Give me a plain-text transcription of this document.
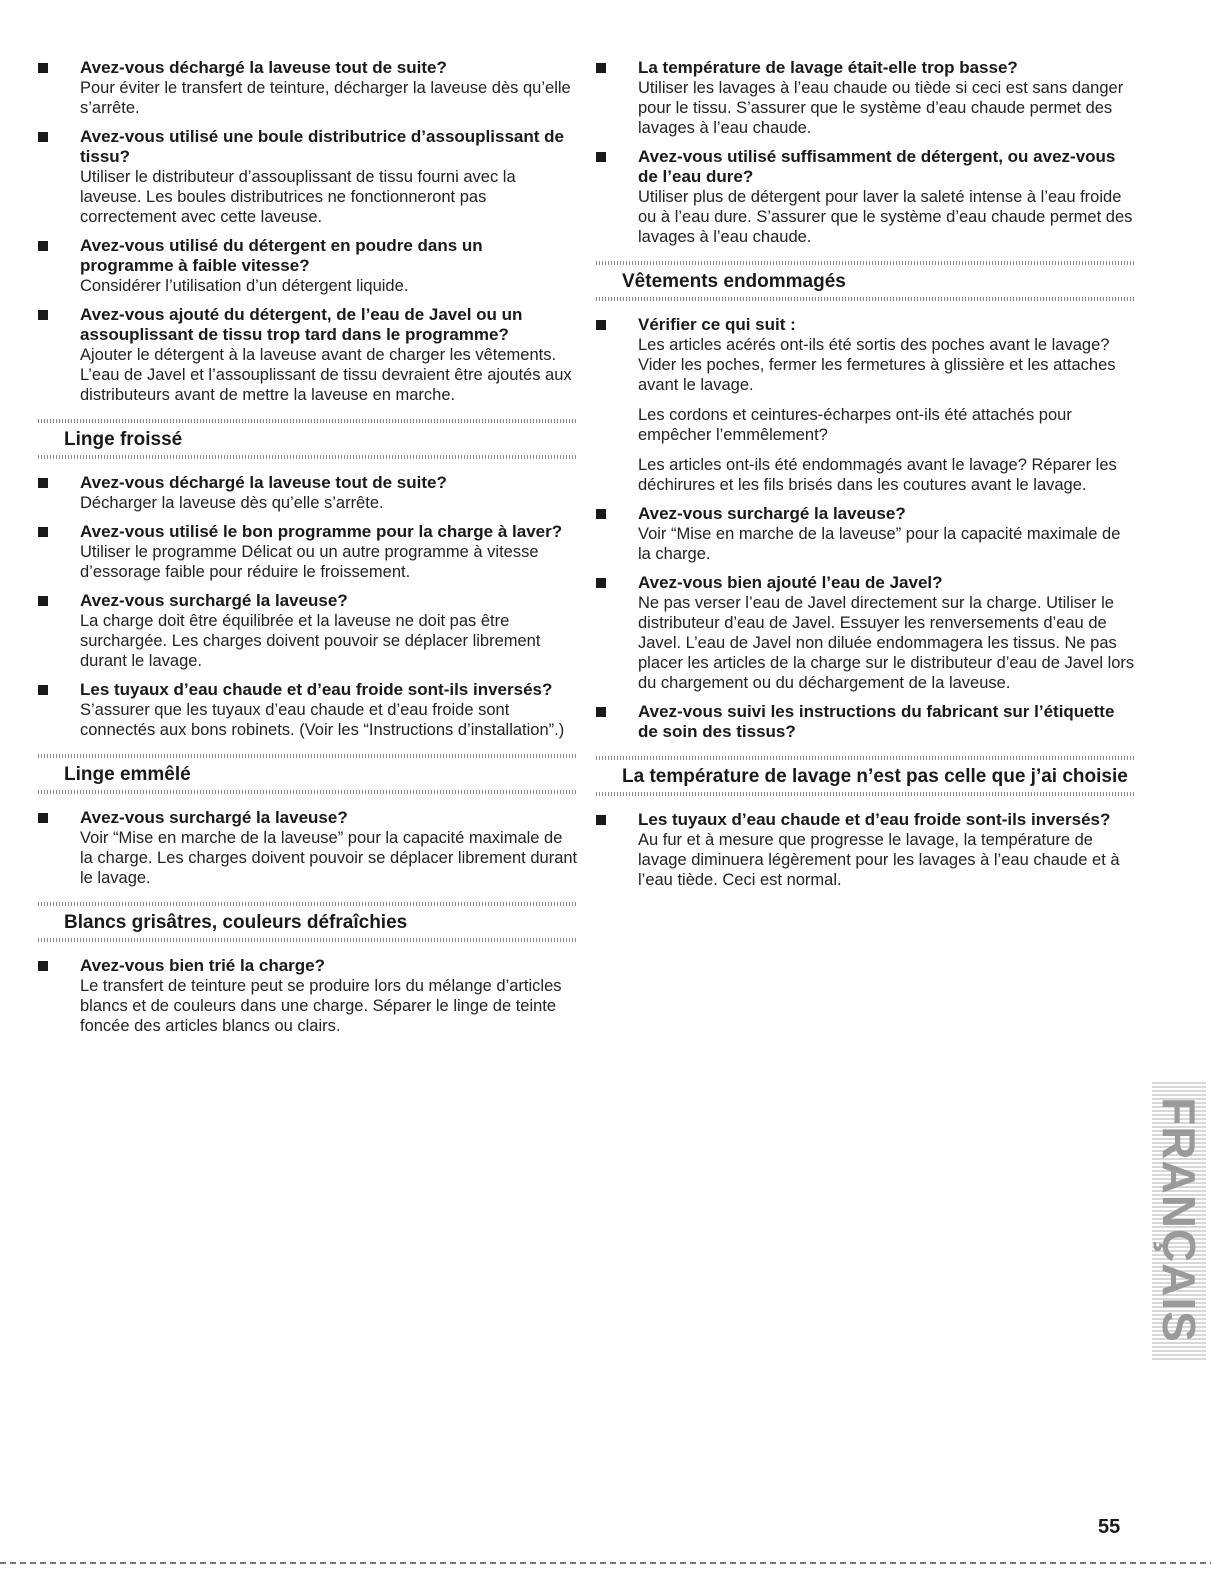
Avez-vous déchargé la laveuse tout de suite?

Pour éviter le transfert de teinture, décharger la laveuse dès qu’elle s’arrête.

Avez-vous utilisé une boule distributrice d’assouplissant de tissu?

Utiliser le distributeur d’assouplissant de tissu fourni avec la laveuse. Les boules distributrices ne fonctionneront pas correctement avec cette laveuse.

Avez-vous utilisé du détergent en poudre dans un programme à faible vitesse?

Considérer l’utilisation d’un détergent liquide.

Avez-vous ajouté du détergent, de l’eau de Javel ou un assouplissant de tissu trop tard dans le programme?

Ajouter le détergent à la laveuse avant de charger les vêtements. L’eau de Javel et l’assouplissant de tissu devraient être ajoutés aux distributeurs avant de mettre la laveuse en marche.

Linge froissé
Avez-vous déchargé la laveuse tout de suite?

Décharger la laveuse dès qu’elle s’arrête.

Avez-vous utilisé le bon programme pour la charge à laver?

Utiliser le programme Délicat ou un autre programme à vitesse d’essorage faible pour réduire le froissement.

Avez-vous surchargé la laveuse?

La charge doit être équilibrée et la laveuse ne doit pas être surchargée. Les charges doivent pouvoir se déplacer librement durant le lavage.

Les tuyaux d’eau chaude et d’eau froide sont-ils inversés?

S’assurer que les tuyaux d’eau chaude et d’eau froide sont connectés aux bons robinets. (Voir les “Instructions d’installation”.)

Linge emmêlé
Avez-vous surchargé la laveuse?

Voir “Mise en marche de la laveuse” pour la capacité maximale de la charge. Les charges doivent pouvoir se déplacer librement durant le lavage.

Blancs grisâtres, couleurs défraîchies
Avez-vous bien trié la charge?

Le transfert de teinture peut se produire lors du mélange d’articles blancs et de couleurs dans une charge. Séparer le linge de teinte foncée des articles blancs ou clairs.

La température de lavage était-elle trop basse?

Utiliser les lavages à l’eau chaude ou tiède si ceci est sans danger pour le tissu. S’assurer que le système d’eau chaude permet des lavages à l’eau chaude.

Avez-vous utilisé suffisamment de détergent, ou avez-vous de l’eau dure?

Utiliser plus de détergent pour laver la saleté intense à l’eau froide ou à l’eau dure. S’assurer que le système d’eau chaude permet des lavages à l’eau chaude.

Vêtements endommagés
Vérifier ce qui suit :

Les articles acérés ont-ils été sortis des poches avant le lavage? Vider les poches, fermer les fermetures à glissière et les attaches avant le lavage.

Les cordons et ceintures-écharpes ont-ils été attachés pour empêcher l’emmêlement?

Les articles ont-ils été endommagés avant le lavage? Réparer les déchirures et les fils brisés dans les coutures avant le lavage.

Avez-vous surchargé la laveuse?

Voir “Mise en marche de la laveuse” pour la capacité maximale de la charge.

Avez-vous bien ajouté l’eau de Javel?

Ne pas verser l’eau de Javel directement sur la charge. Utiliser le distributeur d’eau de Javel. Essuyer les renversements d’eau de Javel. L’eau de Javel non diluée endommagera les tissus. Ne pas placer les articles de la charge sur le distributeur d’eau de Javel lors du chargement ou du déchargement de la laveuse.

Avez-vous suivi les instructions du fabricant sur l’étiquette de soin des tissus?
La température de lavage n’est pas celle que j’ai choisie
Les tuyaux d’eau chaude et d’eau froide sont-ils inversés?

Au fur et à mesure que progresse le lavage, la température de lavage diminuera légèrement pour les lavages à l’eau chaude et à l’eau tiède. Ceci est normal.

FRANÇAIS
55
